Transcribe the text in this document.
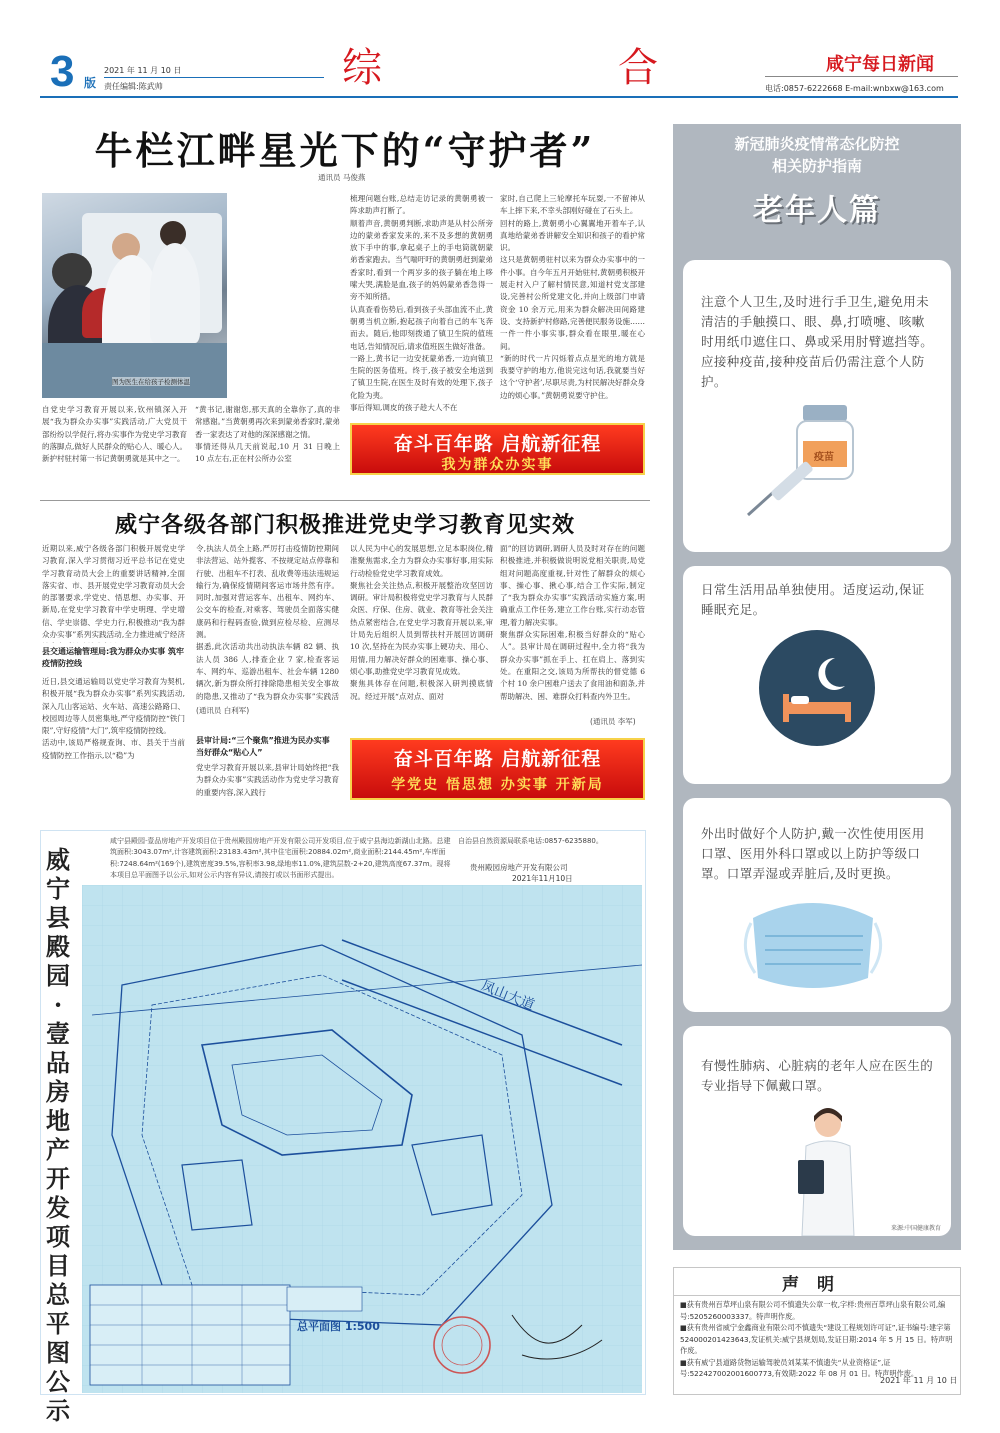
3 版
2021 年 11 月 10 日
责任编辑:陈武帅	综	合	咸宁每日新闻
电话:0857-6222668 E-mail:wnbxw@163.com
牛栏江畔星光下的“守护者”
通讯员 马俊燕
图为医生在给孩子检测体温
自党史学习教育开展以来,钦州镇深入开展“我为群众办实事”实践活动,广大党员干部纷纷以学促行,将办实事作为党史学习教育的落脚点,做好人民群众的贴心人、暖心人。新护村驻村第一书记黄朝勇就是其中之一。
“黄书记,谢谢您,那天真的全靠你了,真的非常感谢。”当黄朝勇再次来到蒙弟香家时,蒙弟香一家表达了对他的深深感谢之情。
事情还得从几天前说起,10 月 31 日晚上 10 点左右,正在村公所办公室
梳理问题台账,总结走访记录的黄朝勇被一阵求助声打断了。
顺着声音,黄朝勇判断,求助声是从村公所旁边的蒙弟香家发来的,来不及多想的黄朝勇放下手中的事,拿起桌子上的手电筒就朝蒙弟香家跑去。当气喘吁吁的黄朝勇赶到蒙弟香家时,看到一个两岁多的孩子躺在地上哆嗦大哭,满脸是血,孩子的妈妈蒙弟香急得一旁不知所措。
认真查看伤势后,看到孩子头部血流不止,黄朝勇当机立断,抱起孩子向着自己的车飞奔而去。随后,他即刻拨通了镇卫生院的值班电话,告知情况后,请求值班医生做好准备。
一路上,黄书记一边安抚蒙弟香,一边向镇卫生院的医务值班。终于,孩子被安全地送到了镇卫生院,在医生及时有效的处理下,孩子化险为夷。
事后得知,调皮的孩子趁大人不在
家时,自己爬上三轮摩托车玩耍,一不留神从车上摔下来,不幸头部刚好碰在了石头上。
回村的路上,黄朝勇小心翼翼地开着车子,认真地给蒙弟香讲解安全知识和孩子的看护常识。
这只是黄朝勇驻村以来为群众办实事中的一件小事。自今年五月开始驻村,黄朝勇积极开展走村入户了解村情民意,知道村党支部建设,完善村公所党建文化,并向上级部门申请资金 10 余万元,用来为群众解决田间路建设、支持新护村修路,完善便民服务设施……一件一件小事实事,群众看在眼里,暖在心间。
“新的时代一片闪烁着点点星光的地方就是我要守护的地方,他说完这句话,我就要当好这个‘守护者’,尽职尽责,为村民解决好群众身边的烦心事。”黄朝勇说要守护住。
奋斗百年路 启航新征程
我为群众办实事
威宁各级各部门积极推进党史学习教育见实效
近期以来,威宁各级各部门积极开展党史学习教育,深入学习贯彻习近平总书记在党史学习教育动员大会上的重要讲话精神,全面落实省、市、县开展党史学习教育动员大会的部署要求,学党史、悟思想、办实事、开新局,在党史学习教育中学史明理、学史增信、学史崇德、学史力行,积极推动“我为群众办实事”系列实践活动,全力推进威宁经济
县交通运输管理局:我为群众办实事 筑牢疫情防控线
近日,县交通运输局以党史学习教育为契机,积极开展“我为群众办实事”系列实践活动,深入几山客运站、火车站、高速公路路口、校园周边等人员密集地,严守疫情防控“铁门限”,守好疫情“大门”,筑牢疫情防控线。
活动中,该局严格规查询、市、县关于当前疫情防控工作指示,以“稳”为
令,执法人员全上路,严厉打击疫情防控期间非法营运、站外揽客、不按规定站点停靠和行驶、出租车不打表、乱收费等违法违规运输行为,确保疫情期间客运市场井然有序。同时,加强对营运客车、出租车、网约车、公交车的检查,对乘客、驾驶员全面落实健康码和行程码查验,做到应检尽检、应测尽测。
据悉,此次活动共出动执法车辆 82 辆、执法人员 386 人,排查企业 7 家,检查客运车、网约车、巡游出租车、社会车辆 1280 辆次,新为群众所打排除隐患相关安全事故的隐患,又推动了“我为群众办实事”实践活
(通讯员 白利军)
县审计局:“三个聚焦”推进为民办实事 当好群众“贴心人”
党史学习教育开展以来,县审计局始终把“我为群众办实事”实践活动作为党史学习教育的重要内容,深入践行
以人民为中心的发展思想,立足本职岗位,精准聚焦需求,全力为群众办实事好事,用实际行动检验党史学习教育成效。
聚焦社会关注热点,积极开展整治攻坚回访调研。审计局积极将党史学习教育与人民群众医、疗保、住房、就业、教育等社会关注热点紧密结合,在党史学习教育开展以来,审计局先后组织人员到帮扶村开展回访调研 10 次,坚持在为民办实事上硬功夫、用心、用情,用力解决好群众的困难事、操心事、烦心事,助推党史学习教育见成效。
聚焦具体存在问题,积极深入研判摸底情况。经过开展“点对点、面对
面”的回访调研,调研人员及时对存在的问题积极推进,并积极做说明说党相关职责,局党组对问题高度重视,针对性了解群众的烦心事、操心事、揪心事,结合工作实际,制定了“我为群众办实事”实践活动实施方案,明确重点工作任务,建立工作台账,实行动态管理,着力解决实事。
聚焦群众实际困难,积极当好群众的“贴心人”。县审计局在调研过程中,全力将“我为群众办实事”抓在手上、扛在肩上、落到实处。在重阳之交,该局为所帮扶的督党德 6 个村 10 余户困难户送去了食用油和面条,并帮助解决、困、难群众打料查内外卫生。
(通讯员 李军)
奋斗百年路 启航新征程
学党史 悟思想 办实事 开新局
威宁县殿园·壹品房地产开发项目总平图公示
咸宁县殿园·壹品房地产开发项目位于贵州殿园房地产开发有限公司开发项目,位于威宁县海边新湖山北路。总建筑面积:3043.07m²,计容建筑面积:23183.43m²,其中住宅面积:20884.02m²,商业面积:2144.45m²,车库面积:7248.64m²(169个),建筑密度39.5%,容积率3.98,绿地率11.0%,建筑层数-2+20,建筑高度67.37m。现将本项目总平面图予以公示,如对公示内容有异议,请按打或以书面形式提出。
自治县自然资源局联系电话:0857-6235880。
贵州殿园房地产开发有限公司
2021年11月10日
凤山大道
总平面图 1:500
新冠肺炎疫情常态化防控
相关防护指南
老年人篇
注意个人卫生,及时进行手卫生,避免用未清洁的手触摸口、眼、鼻,打喷嚏、咳嗽时用纸巾遮住口、鼻或采用肘臂遮挡等。应接种疫苗,接种疫苗后仍需注意个人防护。
疫苗
日常生活用品单独使用。适度运动,保证睡眠充足。
外出时做好个人防护,戴一次性使用医用口罩、医用外科口罩或以上防护等级口罩。口罩弄湿或弄脏后,及时更换。
有慢性肺病、心脏病的老年人应在医生的专业指导下佩戴口罩。
来源:中国健康教育
声明
■获有贵州百草坪山泉有限公司不慎遗失公章一枚,字样:贵州百草坪山泉有限公司,编号:5205260003337。特声明作废。
■获有贵州省威宁金鑫商业有限公司不慎遗失“建设工程规划许可证”,证书编号:建字第 52400020142364​3,发证机关:威宁县规划局,发证日期:2014 年 5 月 15 日。特声明作废。
■获有威宁县道路货物运输驾驶员刘某某不慎遗失“从业资格证”,证号:522427002001600773,有效期:2022 年 08 月 01 日。特声明作废。
2021 年 11 月 10 日
